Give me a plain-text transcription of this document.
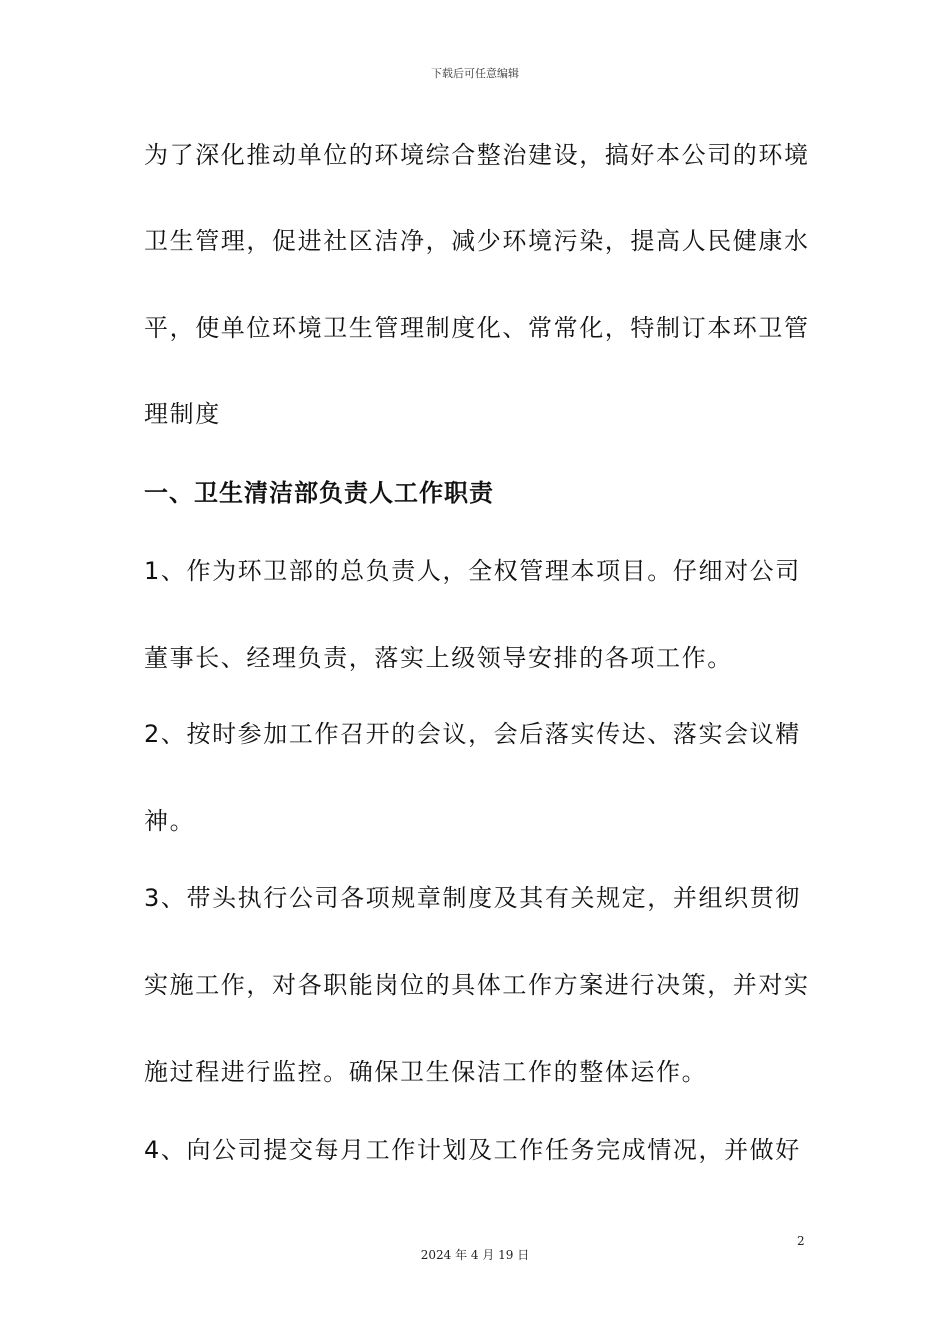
下载后可任意编辑
为了深化推动单位的环境综合整治建设，搞好本公司的环境
卫生管理，促进社区洁净，减少环境污染，提高人民健康水
平，使单位环境卫生管理制度化、常常化，特制订本环卫管
理制度
一、卫生清洁部负责人工作职责
1、作为环卫部的总负责人，全权管理本项目。仔细对公司
董事长、经理负责，落实上级领导安排的各项工作。
2、按时参加工作召开的会议，会后落实传达、落实会议精
神。
3、带头执行公司各项规章制度及其有关规定，并组织贯彻
实施工作，对各职能岗位的具体工作方案进行决策，并对实
施过程进行监控。确保卫生保洁工作的整体运作。
4、向公司提交每月工作计划及工作任务完成情况，并做好
2
2024 年 4 月 19 日
